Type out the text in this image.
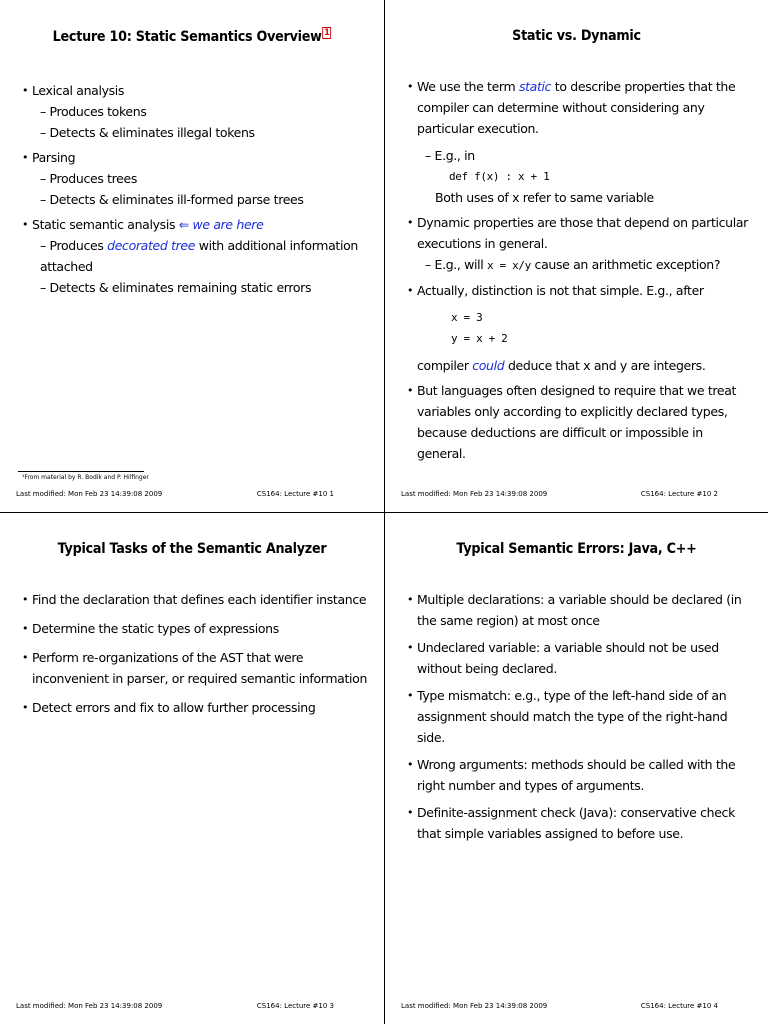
Lecture 10: Static Semantics Overview $^1$
• Lexical analysis
– Produces tokens
– Detects & eliminates illegal tokens
• Parsing
– Produces trees
– Detects & eliminates ill-formed parse trees
• Static semantic analysis ⇐ we are here
– Produces decorated tree with additional information attached
– Detects & eliminates remaining static errors
¹From material by R. Bodik and P. Hilfinger
Last modified: Mon Feb 23 14:39:08 2009	CS164: Lecture #10 1
Static vs. Dynamic
• We use the term static to describe properties that the compiler can determine without considering any particular execution.
– E.g., in
def f(x) : x + 1
Both uses of x refer to same variable
• Dynamic properties are those that depend on particular executions in general.
– E.g., will x = x/y cause an arithmetic exception?
• Actually, distinction is not that simple. E.g., after
x = 3
y = x + 2
compiler could deduce that x and y are integers.
• But languages often designed to require that we treat variables only according to explicitly declared types, because deductions are difficult or impossible in general.
Last modified: Mon Feb 23 14:39:08 2009	CS164: Lecture #10 2
Typical Tasks of the Semantic Analyzer
• Find the declaration that defines each identifier instance
• Determine the static types of expressions
• Perform re-organizations of the AST that were inconvenient in parser, or required semantic information
• Detect errors and fix to allow further processing
Last modified: Mon Feb 23 14:39:08 2009	CS164: Lecture #10 3
Typical Semantic Errors: Java, C++
• Multiple declarations: a variable should be declared (in the same region) at most once
• Undeclared variable: a variable should not be used without being declared.
• Type mismatch: e.g., type of the left-hand side of an assignment should match the type of the right-hand side.
• Wrong arguments: methods should be called with the right number and types of arguments.
• Definite-assignment check (Java): conservative check that simple variables assigned to before use.
Last modified: Mon Feb 23 14:39:08 2009	CS164: Lecture #10 4
